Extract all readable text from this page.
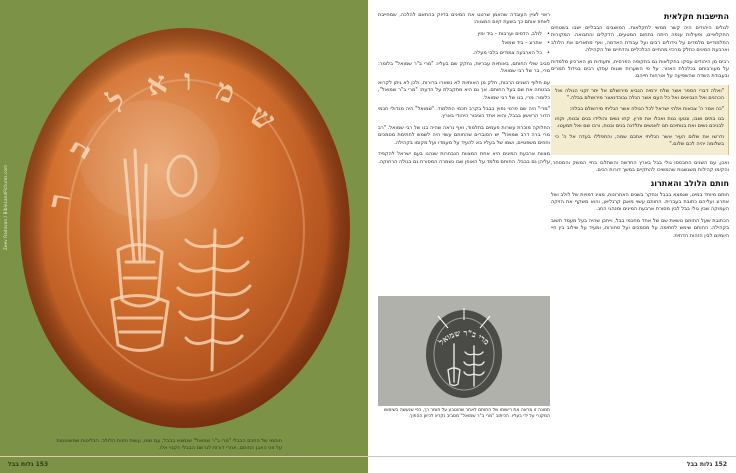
ש
מ
ו
א
ל
ב
ר
Zeev Radovan / BibleLandPictures.com
חותמו של החכם הבבלי "מרי ב"ר שמואל" שנמצא בבבל, עם שמו, עשות וחזות הלולב. הבליטות שמשוטטות על פני האבן החותם, אחרי דורות לגרשם הבבלי הקנוי אלו.
153 גלות בבל
התישבות חקלאית
לגולים היהודים היה קשר ממשי לחקלאות. המושבים הבבליים ישבו בשטחים החקלאיים, ופעילות ענפה היתה בתחום המטעים, הדקלים והתבואה. המקורות התלמודיים מלמדים על גידולים רבים ועל עבודת האדמה, ואף מתארים את הלולב וארבעת המינים כחלק מרכזי מהחיים הכלכליים והדתיים של הקהילה.
רבים מן היהודים עסקו בחקלאות גם בתקופה הפרסית, ותעודות מן הארכיון מלמדות על מעורבותם בכלכלת האזור. על פי השערות שונות עסקו רבים בגידול תמרים ובעבודת השדה שהשפיעה על אורחות חייהם.
"ואלה דברי הספר אשר שלח ירמיה הנביא מירושלם אל יתר זקני הגולה ואל הכהנים ואל הנביאים ואל כל העם אשר הגלה נבוכדנאצר מירושלם בבלה."
"כה אמר ה' צבאות אלהי ישראל לכל הגולה אשר הגליתי מירושלם בבלה:
בנו בתים ושבו, ונטעו גנות ואכלו את פרין. קחו נשים והולידו בנים ובנות, וקחו לבניכם נשים ואת בנותיכם תנו לאנשים ותלדנה בנים ובנות, ורבו שם ואל תמעטו.
ודרשו את שלום העיר אשר הגליתי אתכם שמה, והתפללו בעדה אל ה' כי בשלומה יהיה לכם שלום."
ואכן, עם השנים התבססו גולי בבל בארץ החדשה והשתלבו בחיי המשק והמסחר, והקימו קהילות משגשגות שהמשיכו להתקיים במשך דורות רבים.
חותם הלולב והאתרוג
חותם מיוחד במינו, שנמצא בבבל ונחקר בשנים האחרונות, מציג דמויות של לולב ושל אתרוג ועליהם כתובת בעברית. החותם עשוי מאבן קרנליאן, והוא משקף את הזיקה העמוקה שבין גולי בבל לבין מסורת ארבעת המינים ומנהגי החג.
הכתובת שעל החותם נושאת שם של אחד מחכמי בבל, וייתכן שהיה בעל מעמד חשוב בקהילה. החותם שימש לחתימה על מסמכים ועל סחורות, ומעיד על שילוב בין חיי היומיום לבין הזהות הדתית.
ראוי לציין העובדה שהאמן שרטט את המינים בדיוק בהתאם להלכה, שמחייבת לאחוז אותם כך בשעת קיום המצווה:
• לולב, הדסים וערבות – ביד ימין
• אתרוג – ביד שמאל
• כל הארבעה צמודים בלבי מעלה.
סביב שולי החותם, באותיות עבריות, נחקק שם בעליו: "מרי ב"ר שמואל" בלומר: מרי, בר של רבי שמואל.
עם חלוף השנים הרבות, חלק מן האותיות לא נשארו ברורות, ולכן לא ניתן לקרוא בבטחה את שם בעל החותם. אך גם היא מתקבלת על הדעת: "מרי ב"ר שמואל", כלומר: מרי, בנו של רבי שמואל.
"מרי" היה שם פרטי נפוץ בבבל בקרב חכמי התלמוד. "שמואל" היה מגדולי חכמי הדור הראשון בבבל, והוא אחד הציבור היהודי בארץ.
החלוקה מוכרת עשרות פעמים בתלמוד, ואף נראה שהיה בנו של רבי שמואל. "רב מרי ברה דרב שמואל" יש הסוברים שהחותם עשוי היה לשמש לחתימת מסמכים וחוזים משפטיים, ושמו של בעליו בא להעיד על מעמדו ועל מקומו בקהילה.
מצוות ארבעת המינים היא אחת המצוות הנבחרות שנהגו בעם ישראל להקפיד עליהן גם בבבל. החותם מלמד על האופן שבו נשמרה המסורת גם בגולה הרחוקה.
מרי ב"ר שמואל
תמונה זו מראה את רישומו של החותם לאחר שהוטבע על חומר רך, כפי שנעשה בשימוש המקורי על ידי בעליו. הכיתוב "מרי ב"ר שמואל" מסביב נקרא לכיוון ההפוך.
152 גלות בבל
